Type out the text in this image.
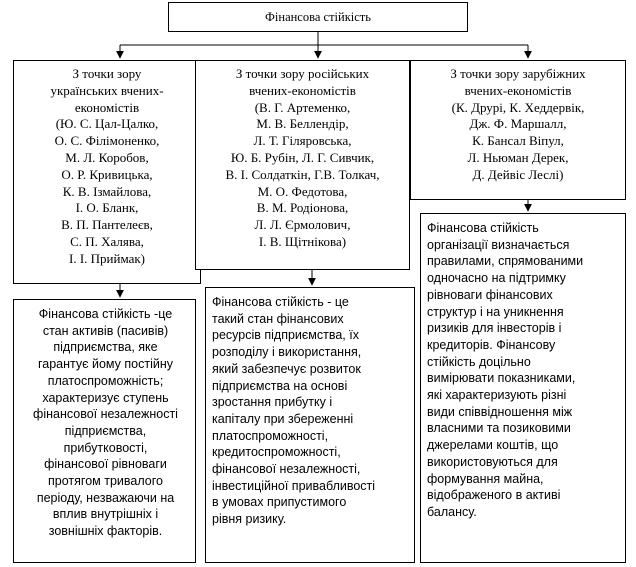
Фінансова стійкість
З точки зору
українських вчених-
економістів
(Ю. С. Цал-Цалко,
О. С. Філімоненко,
М. Л. Коробов,
О. Р. Кривицька,
К. В. Ізмайлова,
І. О. Бланк,
В. П. Пантелеєв,
С. П. Халява,
І. І. Приймак)
З точки зору російських
вчених-економістів
(В. Г. Артеменко,
М. В. Беллендір,
Л. Т. Гіляровська,
Ю. Б. Рубін, Л. Г. Сивчик,
В. І. Солдаткін, Г.В. Толкач,
М. О. Федотова,
В. М. Родіонова,
Л. Л. Єрмолович,
І. В. Щітнікова)
З точки зору зарубіжних
вчених-економістів
(К. Друрі, К. Хеддервік,
Дж. Ф. Маршалл,
К. Бансал Віпул,
Л. Ньюман Дерек,
Д. Дейвіс Леслі)
Фінансова стійкість -це
стан активів (пасивів)
підприємства, яке
гарантує йому постійну
платоспроможність;
характеризує ступень
фінансової незалежності
підприємства,
прибутковості,
фінансової рівноваги
протягом тривалого
періоду, незважаючи на
вплив внутрішніх і
зовнішніх факторів.
Фінансова стійкість - це
такий стан фінансових
ресурсів підприємства, їх
розподілу і використання,
який забезпечує розвиток
підприємства на основі
зростання прибутку і
капіталу при збереженні
платоспроможності,
кредитоспроможності,
фінансової незалежності,
інвестиційної привабливості
в умовах припустимого
рівня ризику.
Фінансова стійкість
організації визначається
правилами, спрямованими
одночасно на підтримку
рівноваги фінансових
структур і на уникнення
ризиків для інвесторів і
кредиторів. Фінансову
стійкість доцільно
вимірювати показниками,
які характеризують різні
види співвідношення між
власними та позиковими
джерелами коштів, що
використовуються для
формування майна,
відображеного в активі
балансу.
